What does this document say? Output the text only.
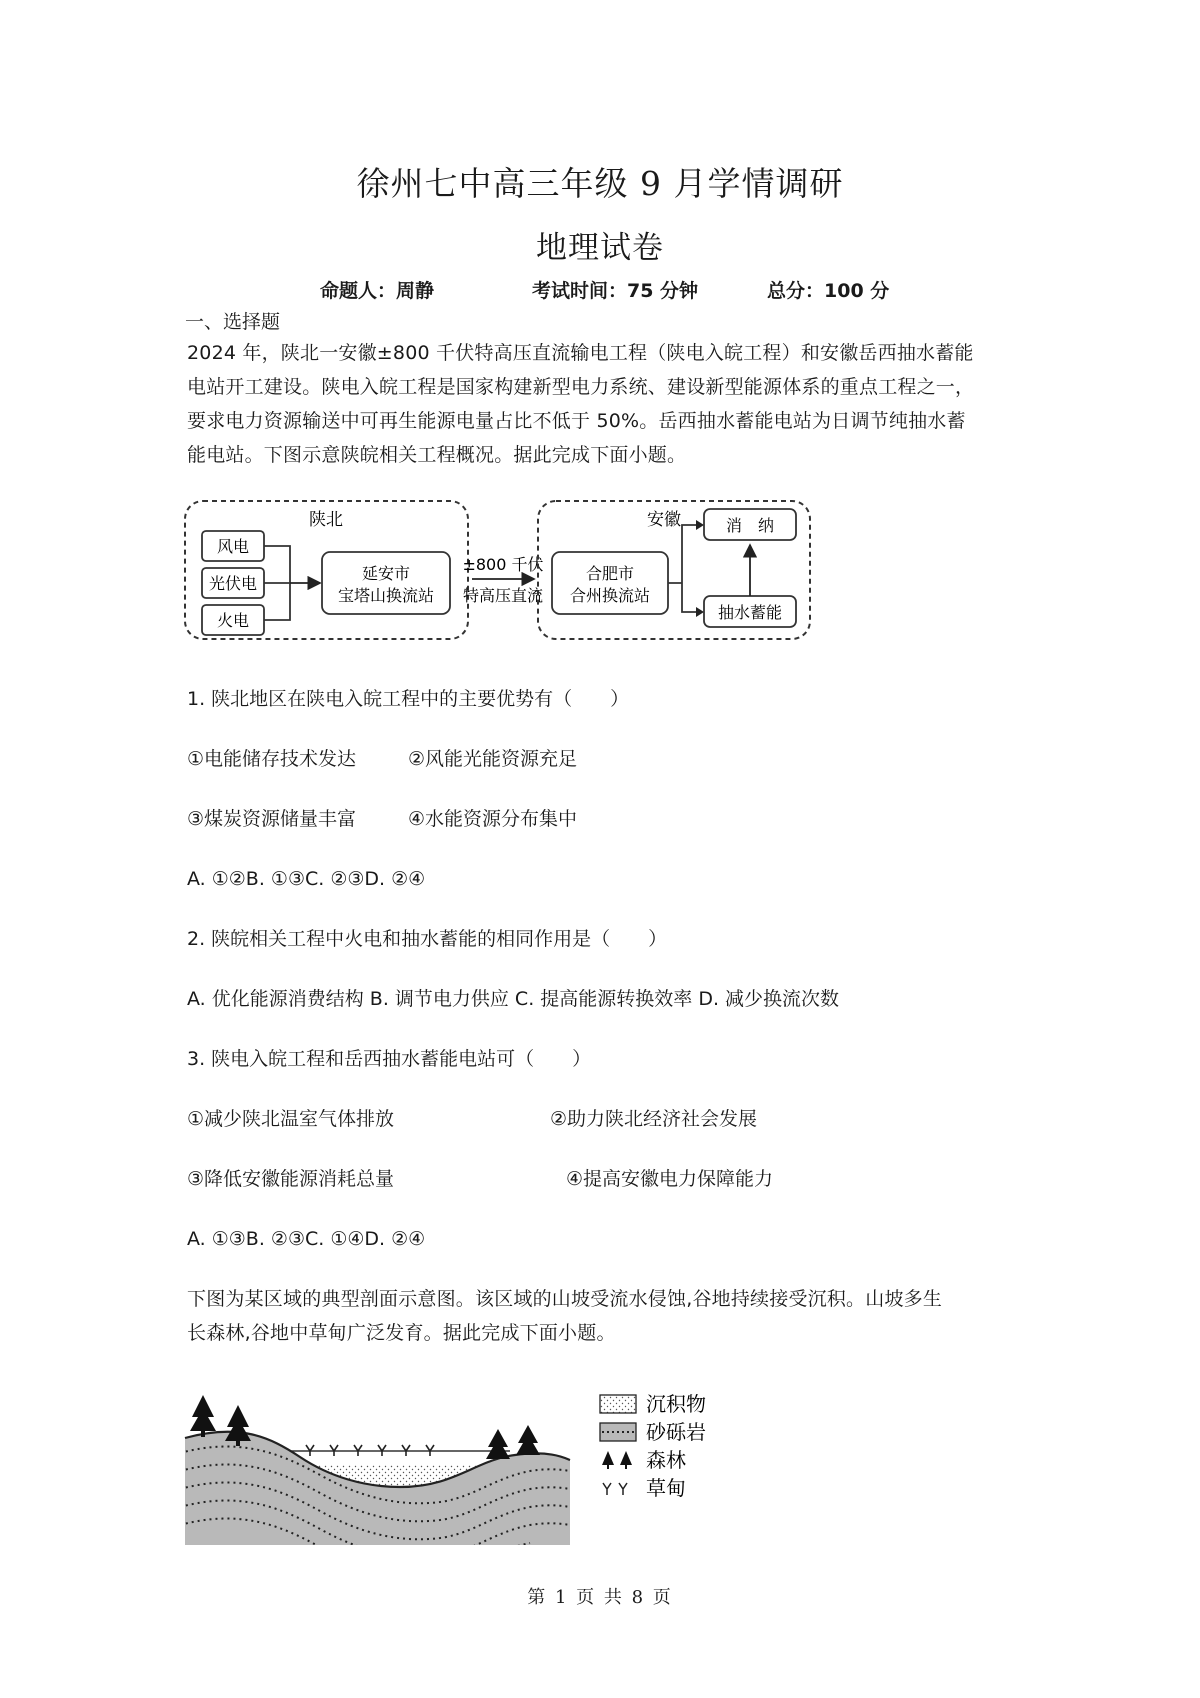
徐州七中高三年级 9 月学情调研
地理试卷
命题人：周静	考试时间：75 分钟	总分：100 分
一、选择题
2024 年，陕北一安徽±800 千伏特高压直流输电工程（陕电入皖工程）和安徽岳西抽水蓄能
电站开工建设。陕电入皖工程是国家构建新型电力系统、建设新型能源体系的重点工程之一，
要求电力资源输送中可再生能源电量占比不低于 50%。岳西抽水蓄能电站为日调节纯抽水蓄
能电站。下图示意陕皖相关工程概况。据此完成下面小题。
陕北
风电
光伏电
火电
延安市
宝塔山换流站
±800 千伏
特高压直流
安徽
合肥市
合州换流站
消　纳
抽水蓄能
1. 陕北地区在陕电入皖工程中的主要优势有（　　）
①电能储存技术发达	②风能光能资源充足
③煤炭资源储量丰富	④水能资源分布集中
A. ①②B. ①③C. ②③D. ②④
2. 陕皖相关工程中火电和抽水蓄能的相同作用是（　　）
A. 优化能源消费结构 B. 调节电力供应 C. 提高能源转换效率 D. 减少换流次数
3. 陕电入皖工程和岳西抽水蓄能电站可（　　）
①减少陕北温室气体排放	②助力陕北经济社会发展
③降低安徽能源消耗总量	④提高安徽电力保障能力
A. ①③B. ②③C. ①④D. ②④
下图为某区域的典型剖面示意图。该区域的山坡受流水侵蚀,谷地持续接受沉积。山坡多生
长森林,谷地中草甸广泛发育。据此完成下面小题。
沉积物
砂砾岩
森林
草甸
第 1 页 共 8 页
